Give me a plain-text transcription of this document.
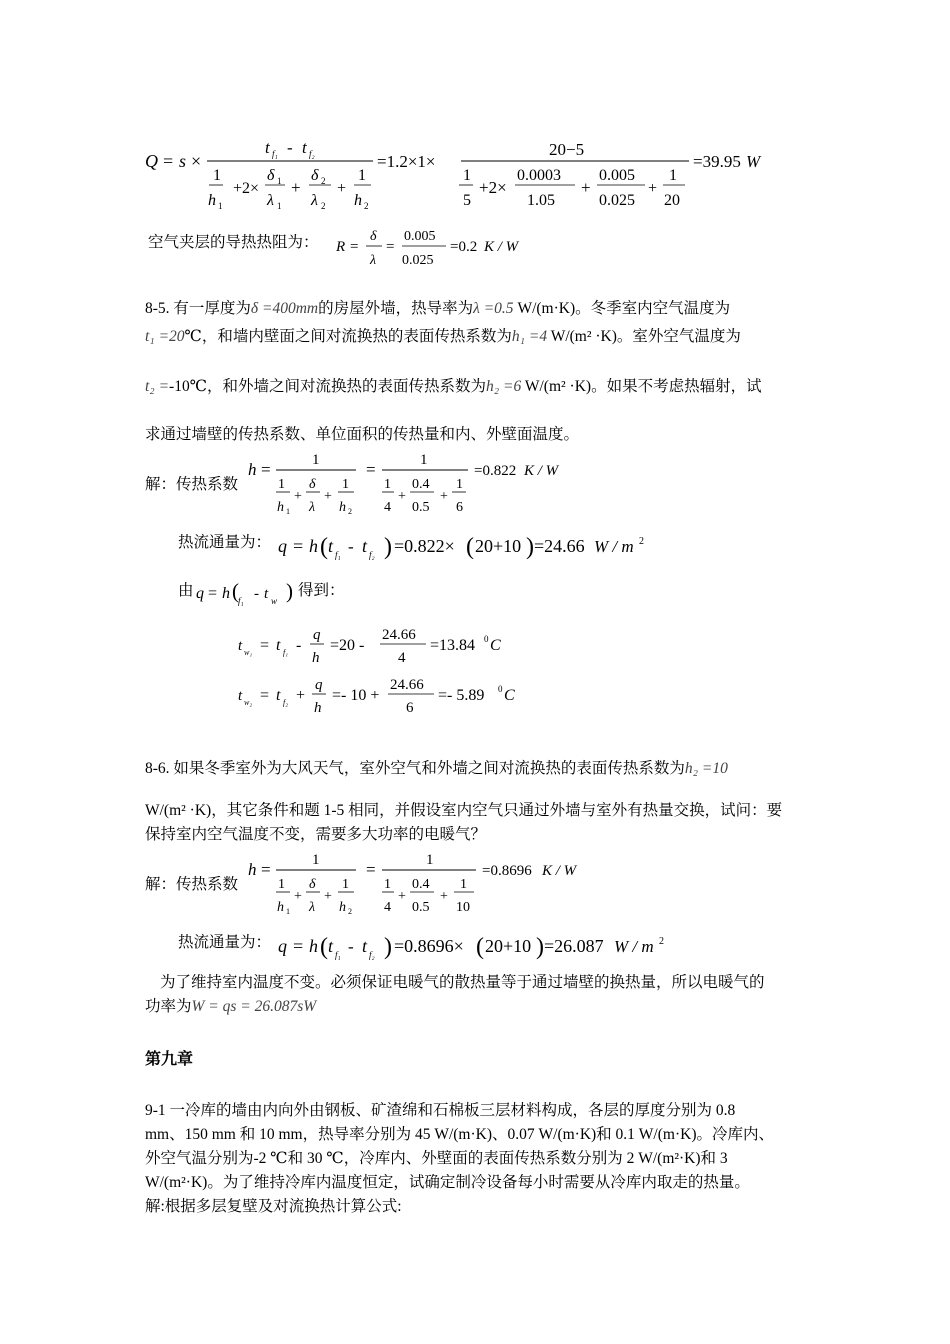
Q = s ×
t f₁ - t f₂
1
h 1
+2×
δ 1
λ 1
+
δ 2
λ 2
+
1
h 2
=1.2×1×
20−5
1
5
+2×
0.0003
1.05
+
0.005
0.025
+
1
20
=39.95 W
空气夹层的导热热阻为： R =
δ
λ
=
0.005
0.025
=0.2 K / W
8-5. 有一厚度为δ =400mm的房屋外墙，热导率为λ =0.5 W/(m·K)。冬季室内空气温度为
t₁ =20℃，和墙内壁面之间对流换热的表面传热系数为h₁ =4 W/(m² ·K)。室外空气温度为
t₂ =-10℃，和外墙之间对流换热的表面传热系数为h₂ =6 W/(m² ·K)。如果不考虑热辐射，试
求通过墙壁的传热系数、单位面积的传热量和内、外壁面温度。
解：传热系数
h =	1
1
h 1
+
δ
λ
+
1
h 2
=	1
1
4
+
0.4
0.5
+
1
6
=0.822 K / W
热流通量为： q = h ( t f₁ - t f₂ ) =0.822× ( 20+10 ) =24.66 W / m 2
由 q = h ( f₁ - t w ) 得到：
t w₁ = t f₁ -
q
h
=20 -
24.66
4
=13.84 0 C
t w₂ = t f₂ +
q
h
=- 10 +
24.66
6
=- 5.89 0 C
8-6. 如果冬季室外为大风天气，室外空气和外墙之间对流换热的表面传热系数为h₂ =10
W/(m² ·K)，其它条件和题 1-5 相同，并假设室内空气只通过外墙与室外有热量交换，试问：要
保持室内空气温度不变，需要多大功率的电暖气？
解：传热系数
h =	1
1
h 1
+
δ
λ
+
1
h 2
=	1
1
4
+
0.4
0.5
+
1
10
=0.8696 K / W
热流通量为： q = h ( t f₁ - t f₂ ) =0.8696× ( 20+10 ) =26.087 W / m 2
为了维持室内温度不变。必须保证电暖气的散热量等于通过墙壁的换热量，所以电暖气的
功率为W = qs = 26.087sW
第九章
9-1 一冷库的墙由内向外由钢板、矿渣绵和石棉板三层材料构成，各层的厚度分别为 0.8
mm、150 mm 和 10 mm，热导率分别为 45 W/(m·K)、0.07 W/(m·K)和 0.1 W/(m·K)。冷库内、
外空气温分别为-2 ℃和 30 ℃，冷库内、外壁面的表面传热系数分别为 2 W/(m²·K)和 3
W/(m²·K)。为了维持冷库内温度恒定，试确定制冷设备每小时需要从冷库内取走的热量。
解:根据多层复壁及对流换热计算公式:
